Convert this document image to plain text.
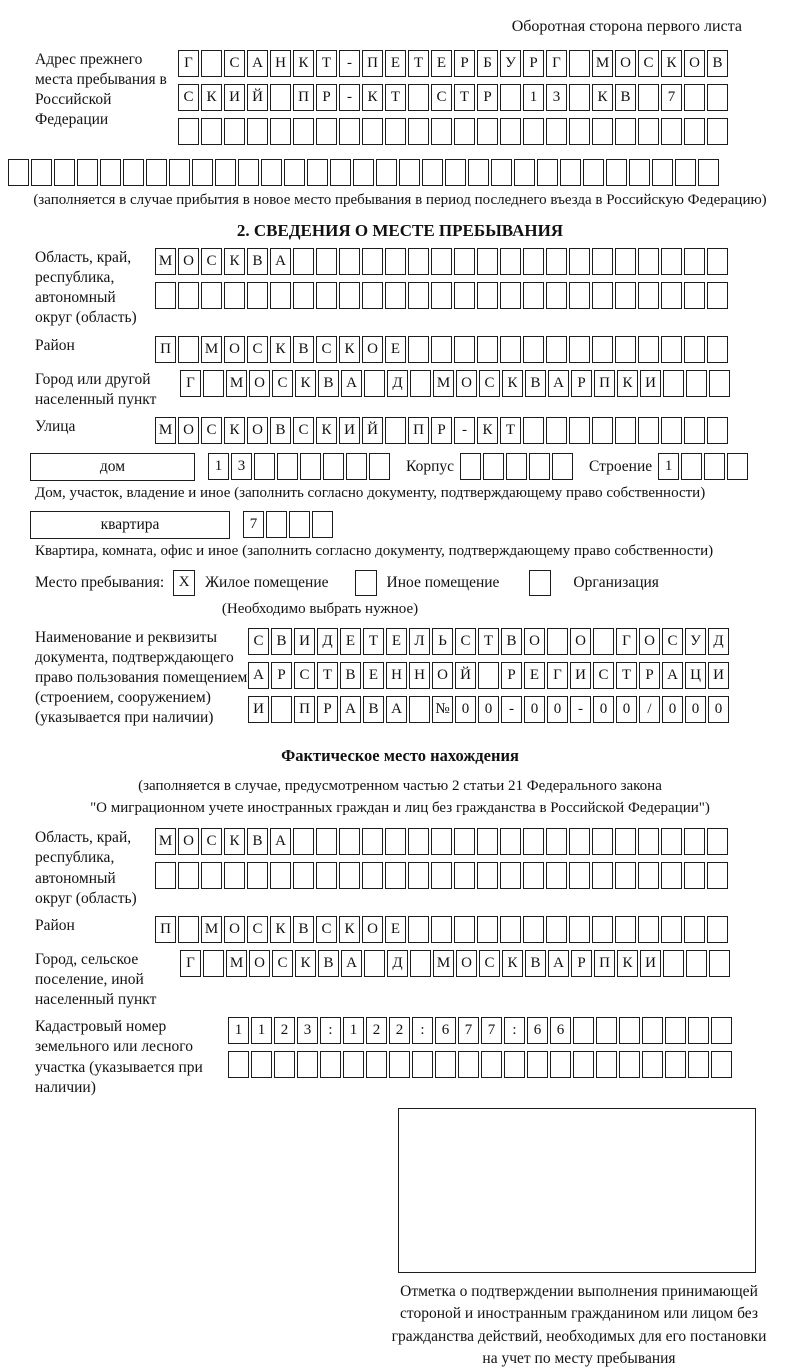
Оборотная сторона первого листа
Адрес прежнего места пребывания в Российской Федерации
Г	С А Н К Т	-	П Е Т Е Р Б У Р Г	М О С К О В
С К И Й	П Р	-	К Т	С Т Р	1	3	К В	7
(заполняется в случае прибытия в новое место пребывания в период последнего въезда в Российскую Федерацию)
2. СВЕДЕНИЯ О МЕСТЕ ПРЕБЫВАНИЯ
Область, край, республика, автономный округ (область)
М О С К В А
Район	П	М О С К В С К О Е
Город или другой населенный пункт
Г	М О С К В А	Д	М О С К В А Р П К И
Улица	М О С К О В С К И Й	П Р	-	К Т
дом	1	3	Корпус	Строение 1
Дом, участок, владение и иное (заполнить согласно документу, подтверждающему право собственности)
квартира	7
Квартира, комната, офис и иное (заполнить согласно документу, подтверждающему право собственности)
Место пребывания: X	Жилое помещение	Иное помещение	Организация
(Необходимо выбрать нужное)
Наименование и реквизиты документа, подтверждающего право пользования помещением (строением, сооружением) (указывается при наличии)
С В И Д Е Т Е Л Ь С Т В О	О	Г О С У Д
А Р С Т В Е Н Н О Й	Р Е Г И С Т Р А Ц И
И	П Р А В А	№ 0	0	-	0	0	-	0	0	/	0	0	0
Фактическое место нахождения
(заполняется в случае, предусмотренном частью 2 статьи 21 Федерального закона
"О миграционном учете иностранных граждан и лиц без гражданства в Российской Федерации")
Область, край, республика, автономный округ (область)
М О С К В А
Район	П	М О С К В С К О Е
Город, сельское поселение, иной населенный пункт
Г	М О С К В А	Д	М О С К В А Р П К И
Кадастровый номер земельного или лесного участка (указывается при наличии)
1	1	2	3	:	1	2	2	:	6	7	7	:	6	6
Отметка о подтверждении выполнения принимающей стороной и иностранным гражданином или лицом без гражданства действий, необходимых для его постановки на учет по месту пребывания
